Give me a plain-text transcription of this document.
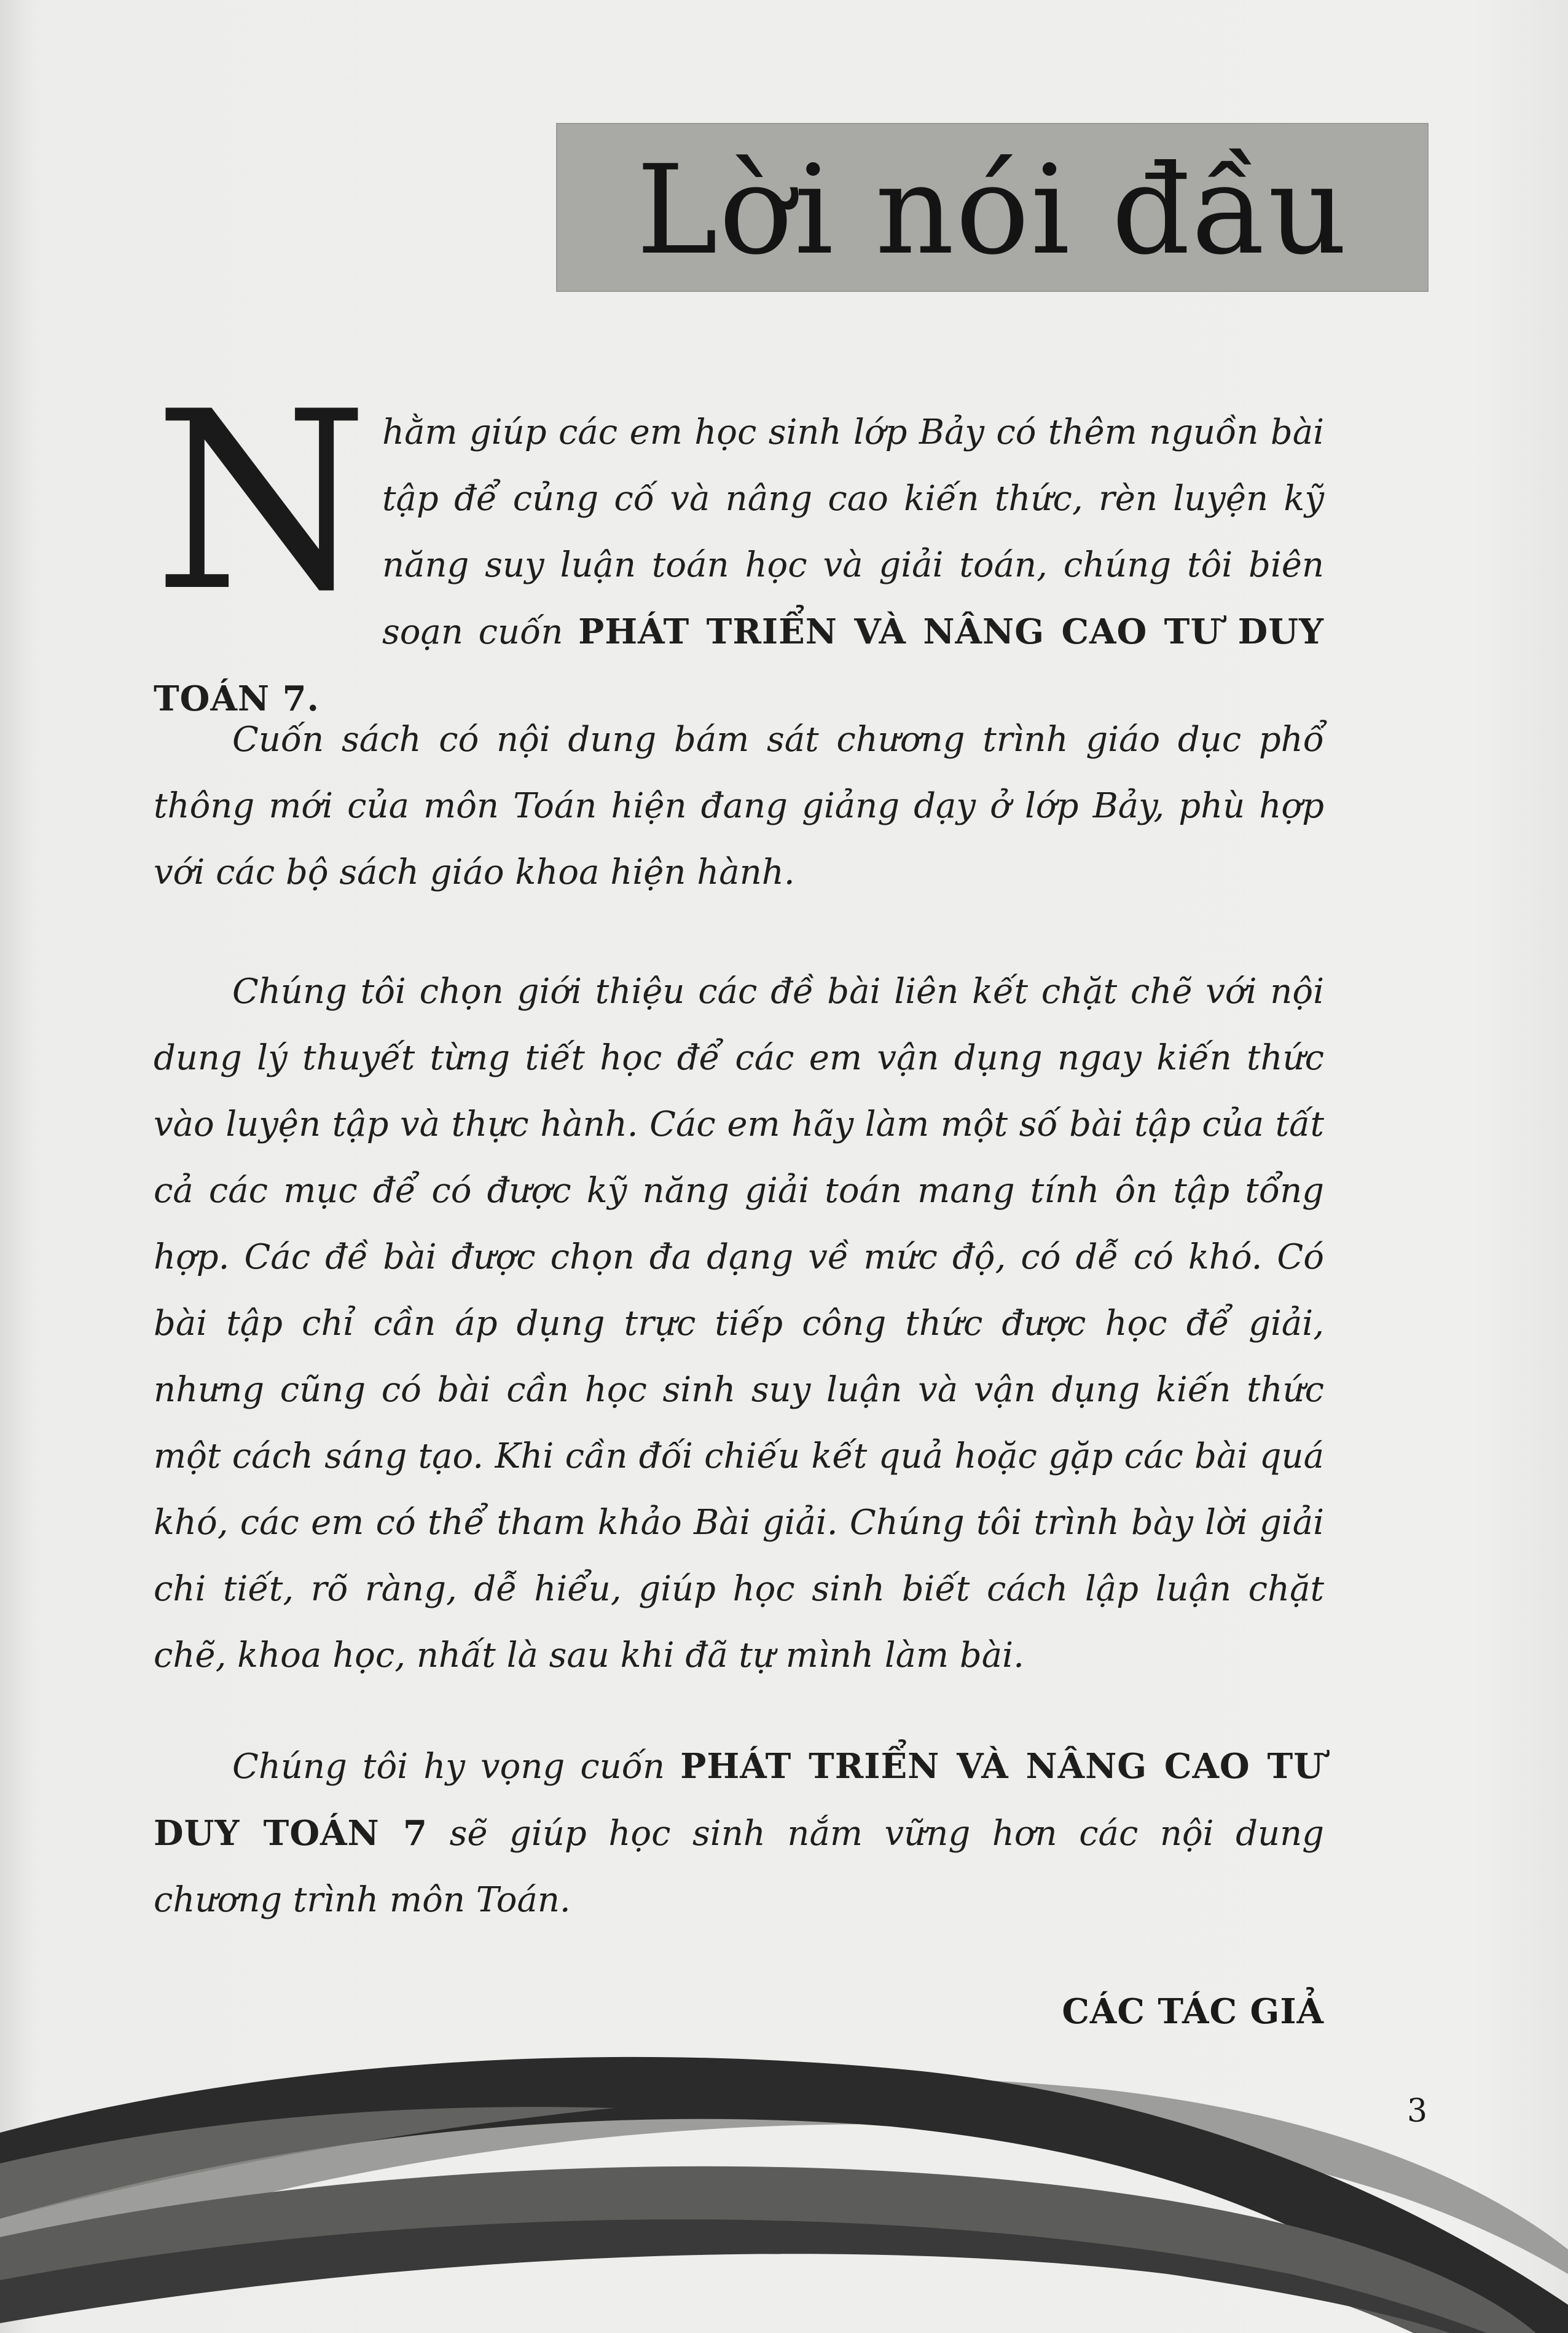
Lời nói đầu
Nhằm giúp các em học sinh lớp Bảy có thêm nguồn bài tập để củng cố và nâng cao kiến thức, rèn luyện kỹ năng suy luận toán học và giải toán, chúng tôi biên soạn cuốn PHÁT TRIỂN VÀ NÂNG CAO TƯ DUY TOÁN 7.
Cuốn sách có nội dung bám sát chương trình giáo dục phổ thông mới của môn Toán hiện đang giảng dạy ở lớp Bảy, phù hợp với các bộ sách giáo khoa hiện hành.
Chúng tôi chọn giới thiệu các đề bài liên kết chặt chẽ với nội dung lý thuyết từng tiết học để các em vận dụng ngay kiến thức vào luyện tập và thực hành. Các em hãy làm một số bài tập của tất cả các mục để có được kỹ năng giải toán mang tính ôn tập tổng hợp. Các đề bài được chọn đa dạng về mức độ, có dễ có khó. Có bài tập chỉ cần áp dụng trực tiếp công thức được học để giải, nhưng cũng có bài cần học sinh suy luận và vận dụng kiến thức một cách sáng tạo. Khi cần đối chiếu kết quả hoặc gặp các bài quá khó, các em có thể tham khảo Bài giải. Chúng tôi trình bày lời giải chi tiết, rõ ràng, dễ hiểu, giúp học sinh biết cách lập luận chặt chẽ, khoa học, nhất là sau khi đã tự mình làm bài.
Chúng tôi hy vọng cuốn PHÁT TRIỂN VÀ NÂNG CAO TƯ DUY TOÁN 7 sẽ giúp học sinh nắm vững hơn các nội dung chương trình môn Toán.
CÁC TÁC GIẢ
3
